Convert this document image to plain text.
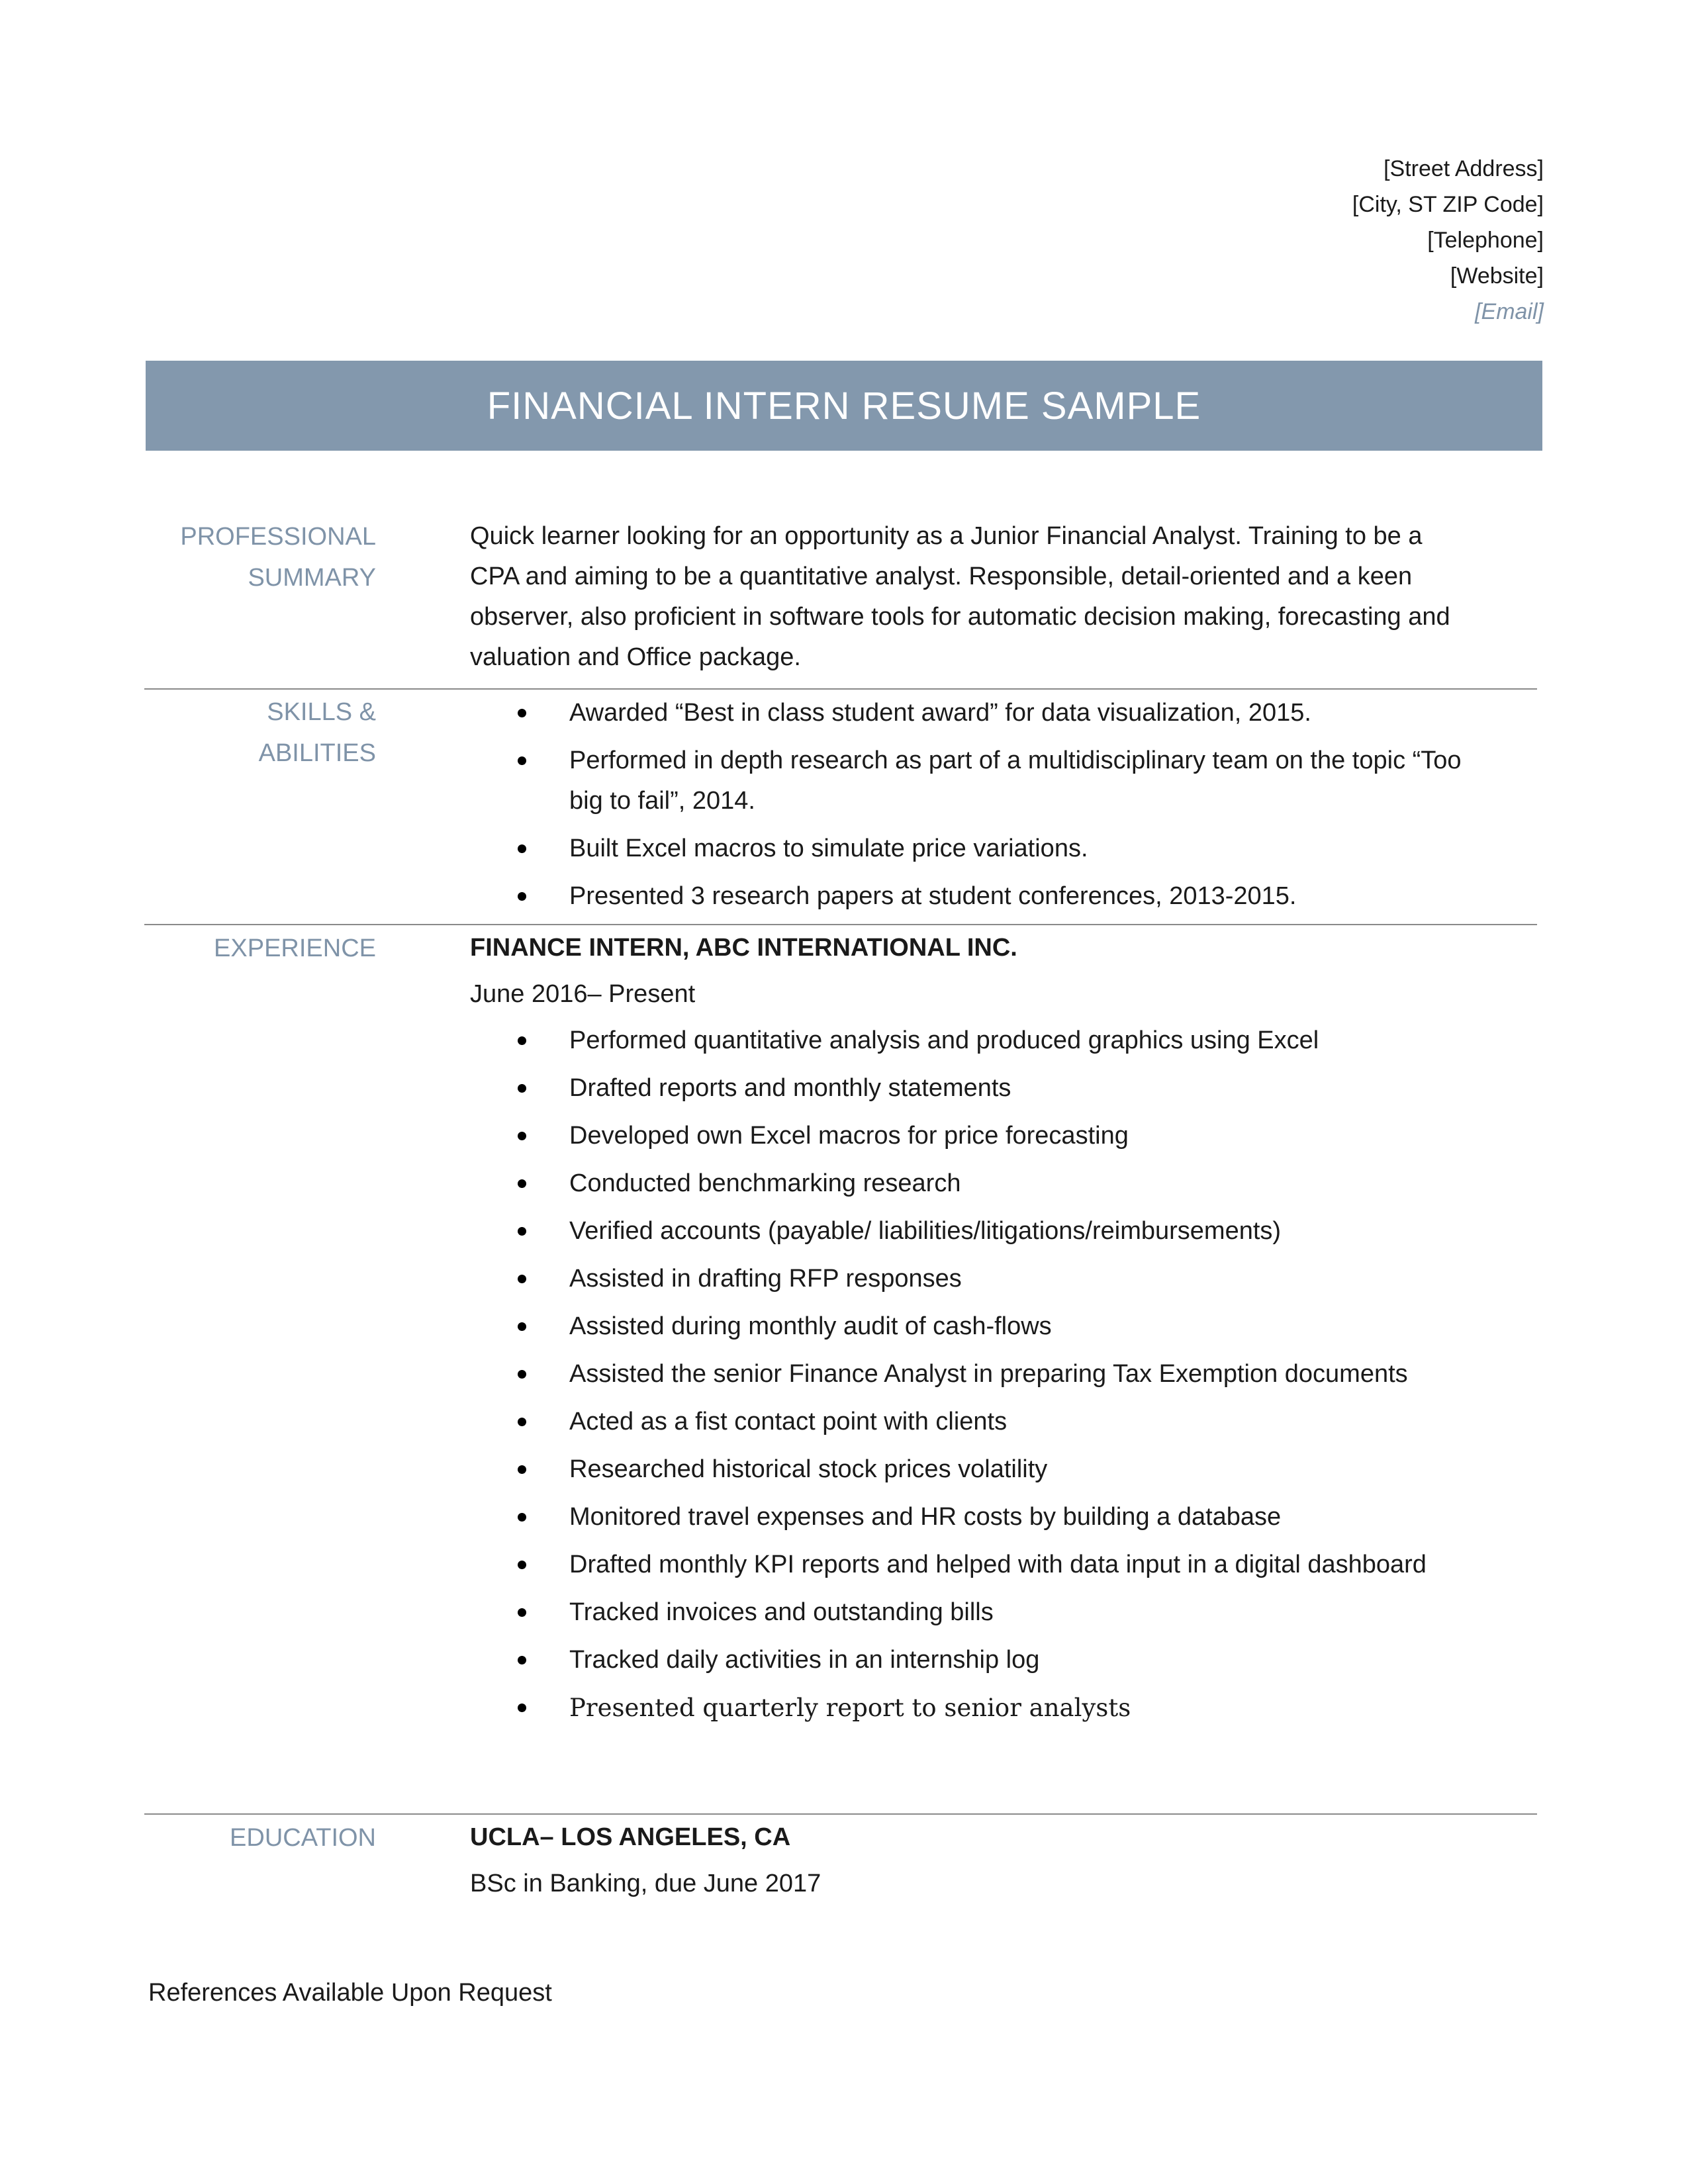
[Street Address]
[City, ST ZIP Code]
[Telephone]
[Website]
[Email]
FINANCIAL INTERN RESUME SAMPLE
PROFESSIONAL
SUMMARY
Quick learner looking for an opportunity as a Junior Financial Analyst. Training to be a CPA and aiming to be a quantitative analyst. Responsible, detail-oriented and a keen observer, also proficient in software tools for automatic decision making, forecasting and valuation and Office package.
SKILLS & ABILITIES
Awarded “Best in class student award” for data visualization, 2015.
Performed in depth research as part of a multidisciplinary team on the topic “Too big to fail”, 2014.
Built Excel macros to simulate price variations.
Presented 3 research papers at student conferences, 2013-2015.
EXPERIENCE	FINANCE INTERN, ABC INTERNATIONAL INC.
June 2016– Present
Performed quantitative analysis and produced graphics using Excel
Drafted reports and monthly statements
Developed own Excel macros for price forecasting
Conducted benchmarking research
Verified accounts (payable/ liabilities/litigations/reimbursements)
Assisted in drafting RFP responses
Assisted during monthly audit of cash-flows
Assisted the senior Finance Analyst in preparing Tax Exemption documents
Acted as a fist contact point with clients
Researched historical stock prices volatility
Monitored travel expenses and HR costs by building a database
Drafted monthly KPI reports and helped with data input in a digital dashboard
Tracked invoices and outstanding bills
Tracked daily activities in an internship log
Presented quarterly report to senior analysts
EDUCATION	UCLA– LOS ANGELES, CA
BSc in Banking, due June 2017
References Available Upon Request
